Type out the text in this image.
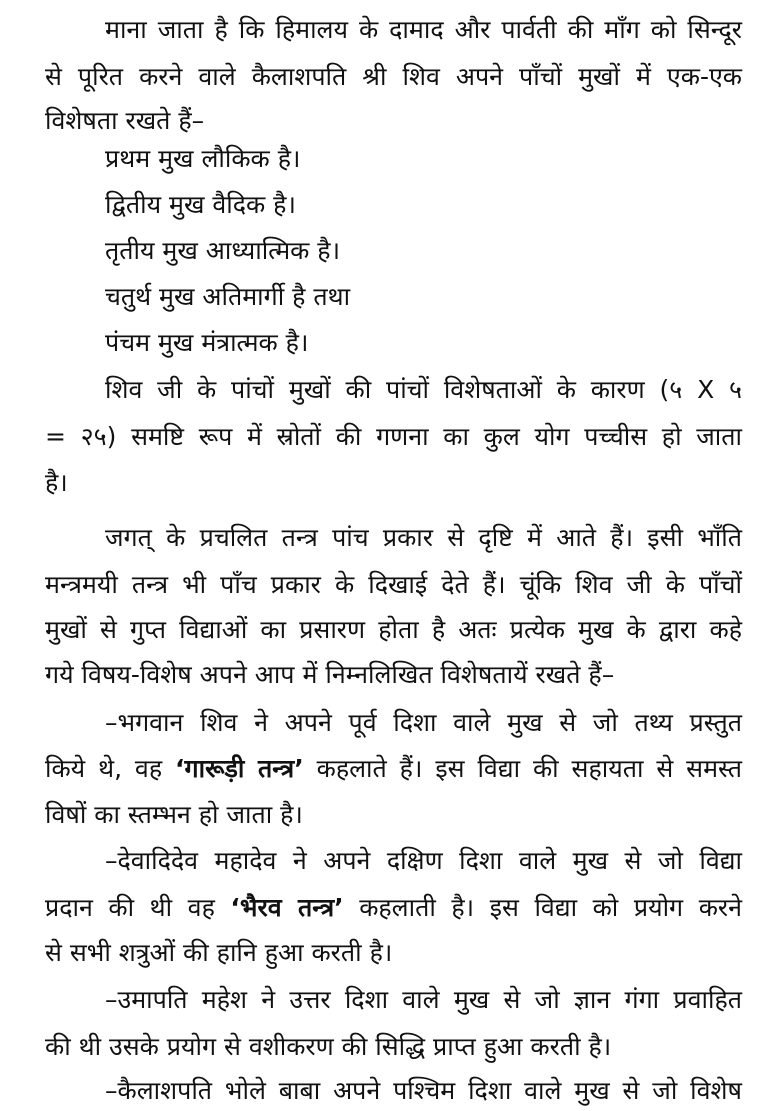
माना जाता है कि हिमालय के दामाद और पार्वती की माँग को सिन्दूर
से पूरित करने वाले कैलाशपति श्री शिव अपने पाँचों मुखों में एक-एक
विशेषता रखते हैं–
प्रथम मुख लौकिक है।
द्वितीय मुख वैदिक है।
तृतीय मुख आध्यात्मिक है।
चतुर्थ मुख अतिमार्गी है तथा
पंचम मुख मंत्रात्मक है।
शिव जी के पांचों मुखों की पांचों विशेषताओं के कारण (५ X ५
= २५) समष्टि रूप में स्रोतों की गणना का कुल योग पच्चीस हो जाता
है।
जगत् के प्रचलित तन्त्र पांच प्रकार से दृष्टि में आते हैं। इसी भाँति
मन्त्रमयी तन्त्र भी पाँच प्रकार के दिखाई देते हैं। चूंकि शिव जी के पाँचों
मुखों से गुप्त विद्याओं का प्रसारण होता है अतः प्रत्येक मुख के द्वारा कहे
गये विषय-विशेष अपने आप में निम्नलिखित विशेषतायें रखते हैं–
–भगवान शिव ने अपने पूर्व दिशा वाले मुख से जो तथ्य प्रस्तुत
किये थे, वह ‘गारूड़ी तन्त्र’ कहलाते हैं। इस विद्या की सहायता से समस्त
विषों का स्तम्भन हो जाता है।
–देवादिदेव महादेव ने अपने दक्षिण दिशा वाले मुख से जो विद्या
प्रदान की थी वह ‘भैरव तन्त्र’ कहलाती है। इस विद्या को प्रयोग करने
से सभी शत्रुओं की हानि हुआ करती है।
–उमापति महेश ने उत्तर दिशा वाले मुख से जो ज्ञान गंगा प्रवाहित
की थी उसके प्रयोग से वशीकरण की सिद्धि प्राप्त हुआ करती है।
–कैलाशपति भोले बाबा अपने पश्चिम दिशा वाले मुख से जो विशेष
